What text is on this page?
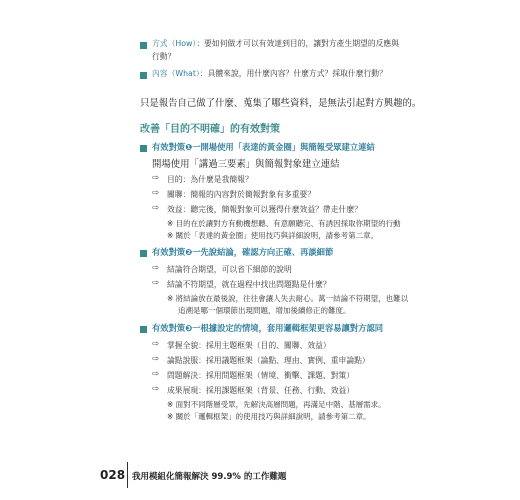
方式（How）：要如何做才可以有效達到目的，讓對方產生期望的反應與
行動？
內容（What）：具體來說，用什麼內容？什麼方式？採取什麼行動？
只是報告自己做了什麼、蒐集了哪些資料，是無法引起對方興趣的。
改善「目的不明確」的有效對策
有效對策❶一開場使用「表達的黃金圈」與簡報受眾建立連結
開場使用「講過三要素」與簡報對象建立連結
⇨ 目的：為什麼是我簡報？
⇨ 關聯：簡報的內容對於簡報對象有多重要？
⇨ 效益：聽完後，簡報對象可以獲得什麼效益？帶走什麼？
※ 目的在於讓對方有動機想聽、有意願聽完、有誘因採取你期望的行動
※ 關於「表達的黃金圈」使用技巧與詳細說明，請參考第二章。
有效對策❷一先說結論，確認方向正確、再談細節
⇨ 結論符合期望，可以省下細節的說明
⇨ 結論不符期望，就在過程中找出問題點是什麼？
※ 將結論放在最後說，往往會讓人失去耐心。萬一結論不符期望，也難以
追溯是哪一個環節出現問題，增加後續修正的難度。
有效對策❸一根據設定的情境，套用邏輯框架更容易讓對方認同
⇨ 掌握全貌：採用主題框架（目的、關聯、效益）
⇨ 論點說服：採用議題框架（論點、理由、實例、重申論點）
⇨ 問題解決：採用問題框架（情境、衝擊、課題、對策）
⇨ 成果展現：採用課題框架（背景、任務、行動、效益）
※ 面對不同階層受眾，先解決高層問題，再滿足中階、基層需求。
※ 關於「邏輯框架」的使用技巧與詳細說明，請參考第二章。
028 我用模組化簡報解決 99.9% 的工作難題
